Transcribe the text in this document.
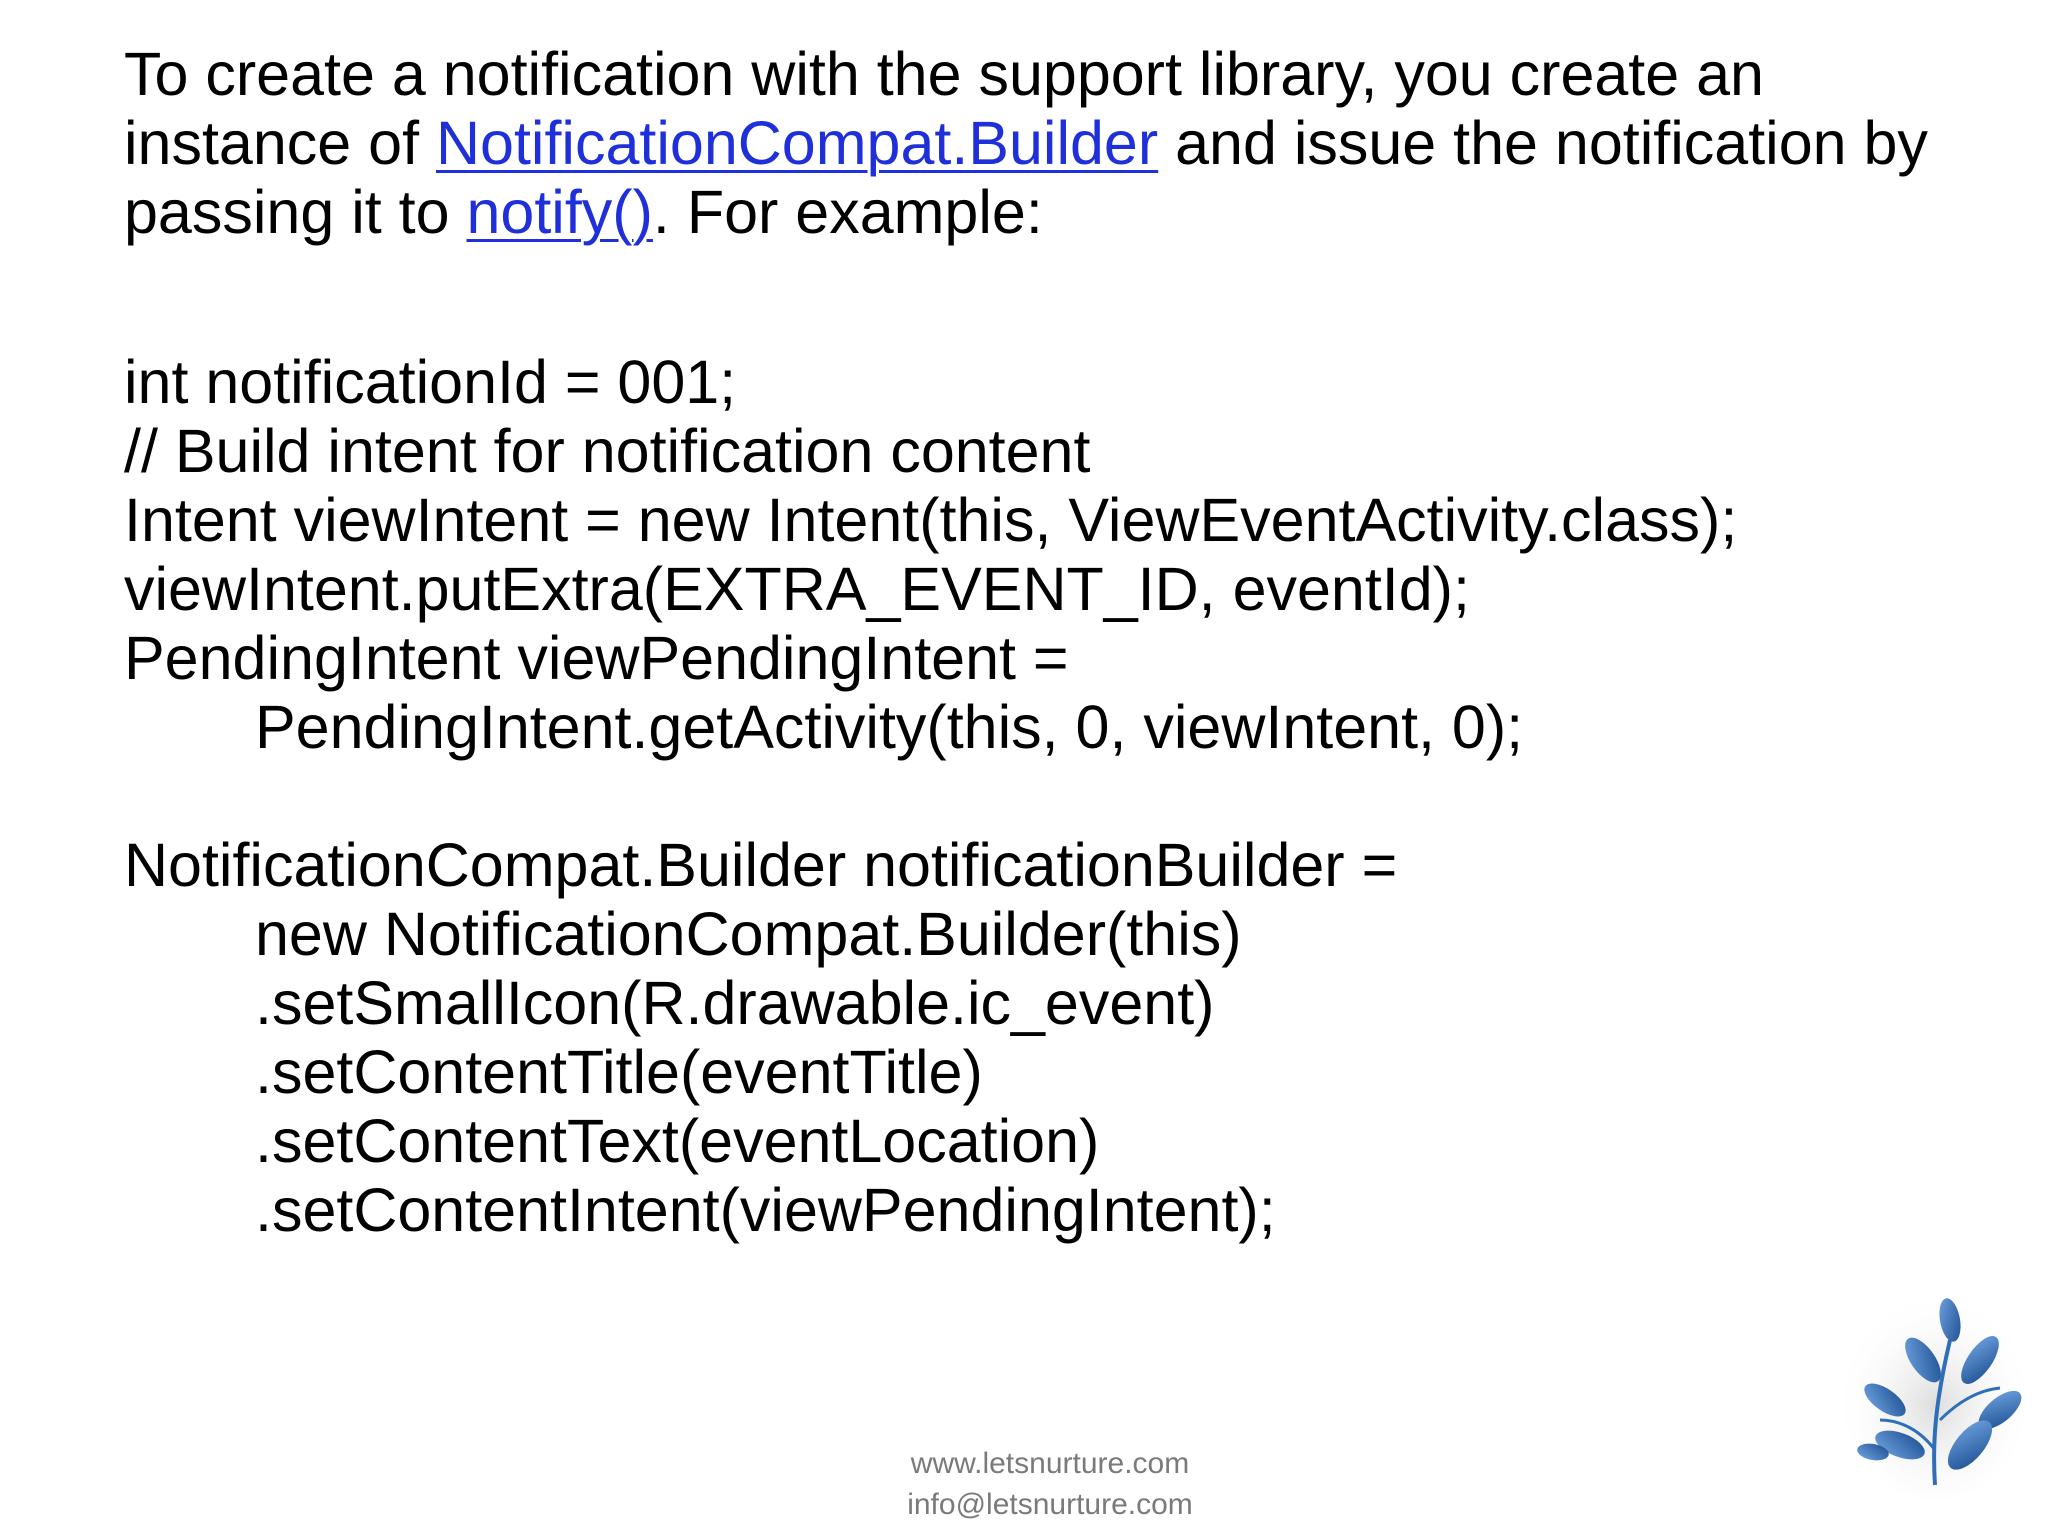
To create a notification with the support library, you create an instance of NotificationCompat.Builder and issue the notification by passing it to notify(). For example:
int notificationId = 001;
// Build intent for notification content
Intent viewIntent = new Intent(this, ViewEventActivity.class);
viewIntent.putExtra(EXTRA_EVENT_ID, eventId);
PendingIntent viewPendingIntent =
PendingIntent.getActivity(this, 0, viewIntent, 0);
NotificationCompat.Builder notificationBuilder =
new NotificationCompat.Builder(this)
.setSmallIcon(R.drawable.ic_event)
.setContentTitle(eventTitle)
.setContentText(eventLocation)
.setContentIntent(viewPendingIntent);
www.letsnurture.com
info@letsnurture.com
